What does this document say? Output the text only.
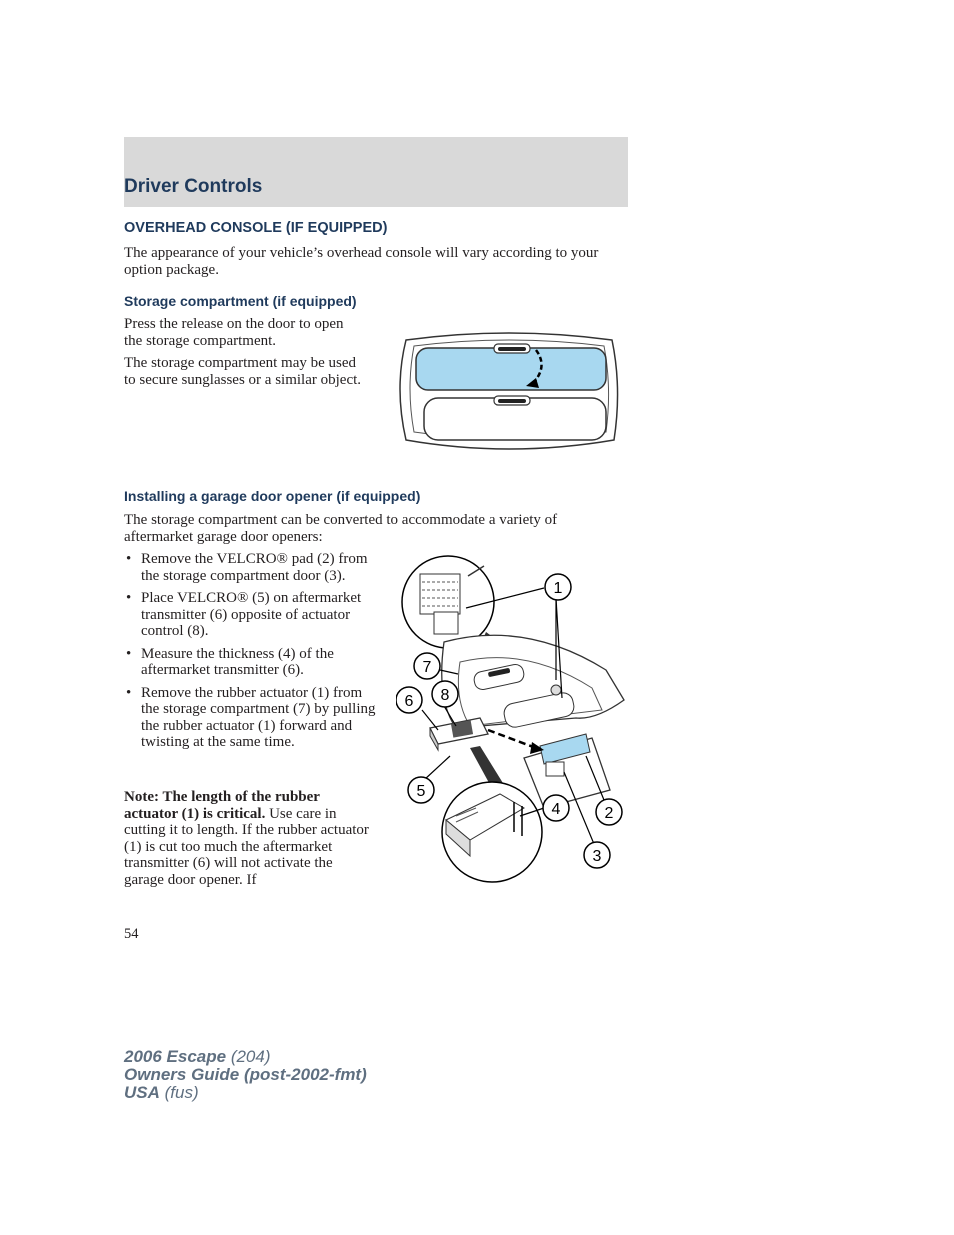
Driver Controls
OVERHEAD CONSOLE (IF EQUIPPED)

The appearance of your vehicle’s overhead console will vary according to your option package.

Storage compartment (if equipped)

Press the release on the door to open the storage compartment.

The storage compartment may be used to secure sunglasses or a similar object.

Installing a garage door opener (if equipped)

The storage compartment can be converted to accommodate a variety of aftermarket garage door openers:

• Remove the VELCRO® pad (2) from the storage compartment door (3).
• Place VELCRO® (5) on aftermarket transmitter (6) opposite of actuator control (8).
• Measure the thickness (4) of the aftermarket transmitter (6).
• Remove the rubber actuator (1) from the storage compartment (7) by pulling the rubber actuator (1) forward and twisting at the same time.

Note: The length of the rubber actuator (1) is critical. Use care in cutting it to length. If the rubber actuator (1) is cut too much the aftermarket transmitter (6) will not activate the garage door opener. If

1
7
6 8
5
4	2
3
54
2006 Escape (204)
Owners Guide (post-2002-fmt)
USA (fus)
